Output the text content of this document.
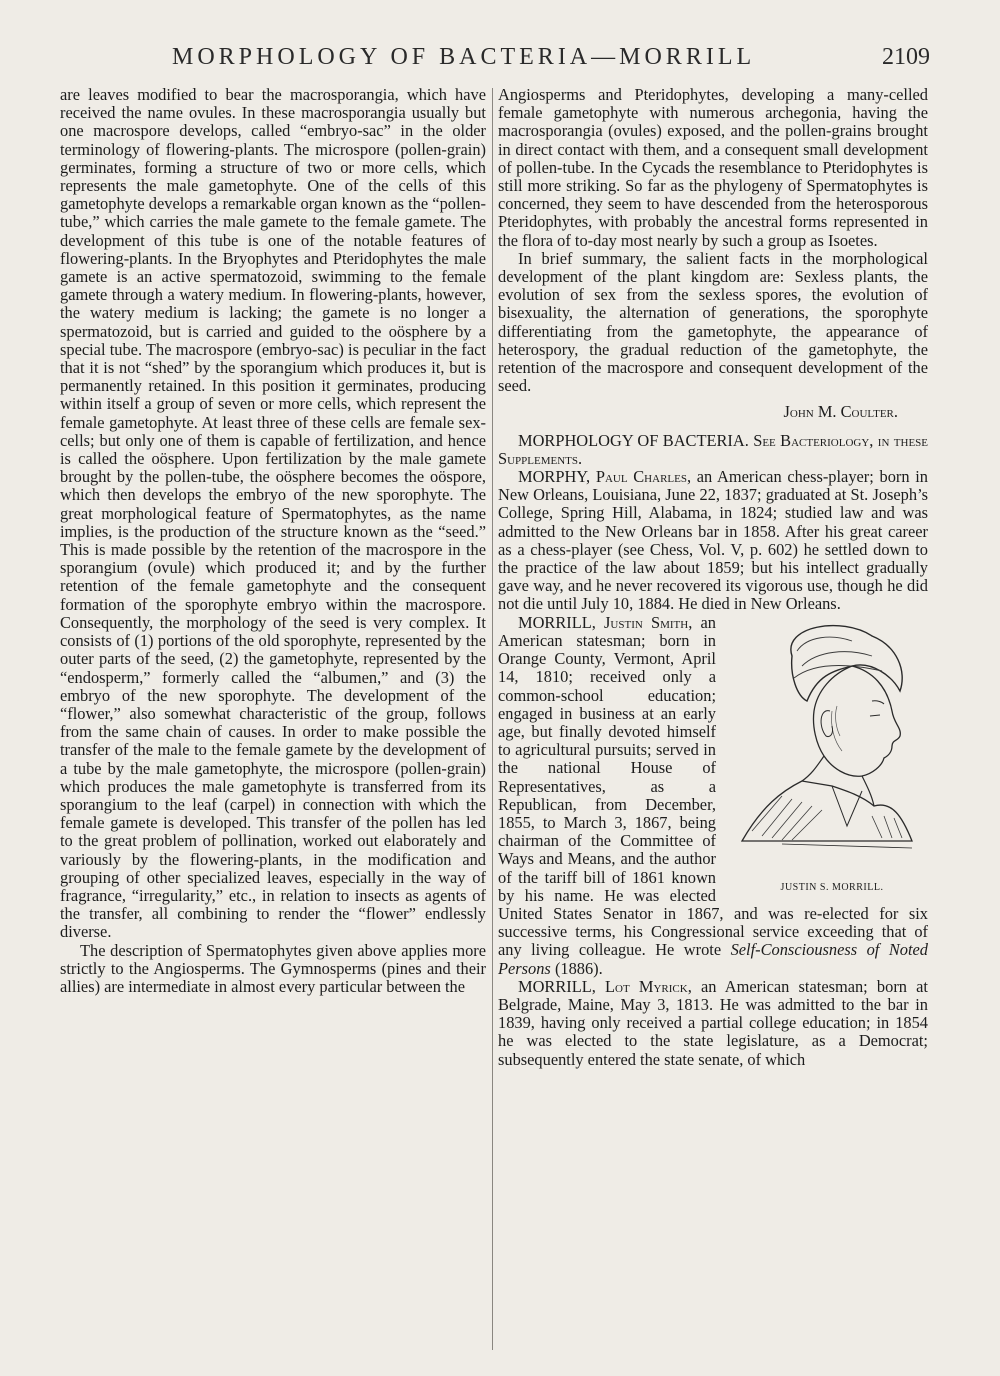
MORPHOLOGY OF BACTERIA—MORRILL	2109

are leaves modified to bear the macrosporangia, which have received the name ovules. In these macrosporangia usually but one macrospore develops, called “embryo-sac” in the older terminology of flowering-plants. The microspore (pollen-grain) germinates, forming a structure of two or more cells, which represents the male gametophyte. One of the cells of this gametophyte develops a remarkable organ known as the “pollen-tube,” which carries the male gamete to the female gamete. The development of this tube is one of the notable features of flowering-plants. In the Bryophytes and Pteridophytes the male gamete is an active spermatozoid, swimming to the female gamete through a watery medium. In flowering-plants, however, the watery medium is lacking; the gamete is no longer a spermatozoid, but is carried and guided to the oösphere by a special tube. The macrospore (embryo-sac) is peculiar in the fact that it is not “shed” by the sporangium which produces it, but is permanently retained. In this position it germinates, producing within itself a group of seven or more cells, which represent the female gametophyte. At least three of these cells are female sex-cells; but only one of them is capable of fertilization, and hence is called the oösphere. Upon fertilization by the male gamete brought by the pollen-tube, the oösphere becomes the oöspore, which then develops the embryo of the new sporophyte. The great morphological feature of Spermatophytes, as the name implies, is the production of the structure known as the “seed.” This is made possible by the retention of the macrospore in the sporangium (ovule) which produced it; and by the further retention of the female gametophyte and the consequent formation of the sporophyte embryo within the macrospore. Consequently, the morphology of the seed is very complex. It consists of (1) portions of the old sporophyte, represented by the outer parts of the seed, (2) the gametophyte, represented by the “endosperm,” formerly called the “albumen,” and (3) the embryo of the new sporophyte. The development of the “flower,” also somewhat characteristic of the group, follows from the same chain of causes. In order to make possible the transfer of the male to the female gamete by the development of a tube by the male gametophyte, the microspore (pollen-grain) which produces the male gametophyte is transferred from its sporangium to the leaf (carpel) in connection with which the female gamete is developed. This transfer of the pollen has led to the great problem of pollination, worked out elaborately and variously by the flowering-plants, in the modification and grouping of other specialized leaves, especially in the way of fragrance, “irregularity,” etc., in relation to insects as agents of the transfer, all combining to render the “flower” endlessly diverse.

The description of Spermatophytes given above applies more strictly to the Angiosperms. The Gymnosperms (pines and their allies) are intermediate in almost every particular between the

Angiosperms and Pteridophytes, developing a many-celled female gametophyte with numerous archegonia, having the macrosporangia (ovules) exposed, and the pollen-grains brought in direct contact with them, and a consequent small development of pollen-tube. In the Cycads the resemblance to Pteridophytes is still more striking. So far as the phylogeny of Spermatophytes is concerned, they seem to have descended from the heterosporous Pteridophytes, with probably the ancestral forms represented in the flora of to-day most nearly by such a group as Isoetes.

In brief summary, the salient facts in the morphological development of the plant kingdom are: Sexless plants, the evolution of sex from the sexless spores, the evolution of bisexuality, the alternation of generations, the sporophyte differentiating from the gametophyte, the appearance of heterospory, the gradual reduction of the gametophyte, the retention of the macrospore and consequent development of the seed.

John M. Coulter.

MORPHOLOGY OF BACTERIA. See Bacteriology, in these Supplements.

MORPHY, Paul Charles, an American chess-player; born in New Orleans, Louisiana, June 22, 1837; graduated at St. Joseph’s College, Spring Hill, Alabama, in 1824; studied law and was admitted to the New Orleans bar in 1858. After his great career as a chess-player (see Chess, Vol. V, p. 602) he settled down to the practice of the law about 1859; but his intellect gradually gave way, and he never recovered its vigorous use, though he did not die until July 10, 1884. He died in New Orleans.

MORRILL, Justin Smith,
JUSTIN S. MORRILL.
an American statesman; born in Orange County, Vermont, April 14, 1810; received only a common-school education; engaged in business at an early age, but finally devoted himself to agricultural pursuits; served in the national House of Representatives, as a Republican, from December, 1855, to March 3, 1867, being chairman of the Committee of Ways and Means, and the author of the tariff bill of 1861 known by his name. He was elected United States Senator in 1867, and was re-elected for six successive terms, his Congressional service exceeding that of any living colleague. He wrote Self-Consciousness of Noted Persons (1886).

MORRILL, Lot Myrick, an American statesman; born at Belgrade, Maine, May 3, 1813. He was admitted to the bar in 1839, having only received a partial college education; in 1854 he was elected to the state legislature, as a Democrat; subsequently entered the state senate, of which
